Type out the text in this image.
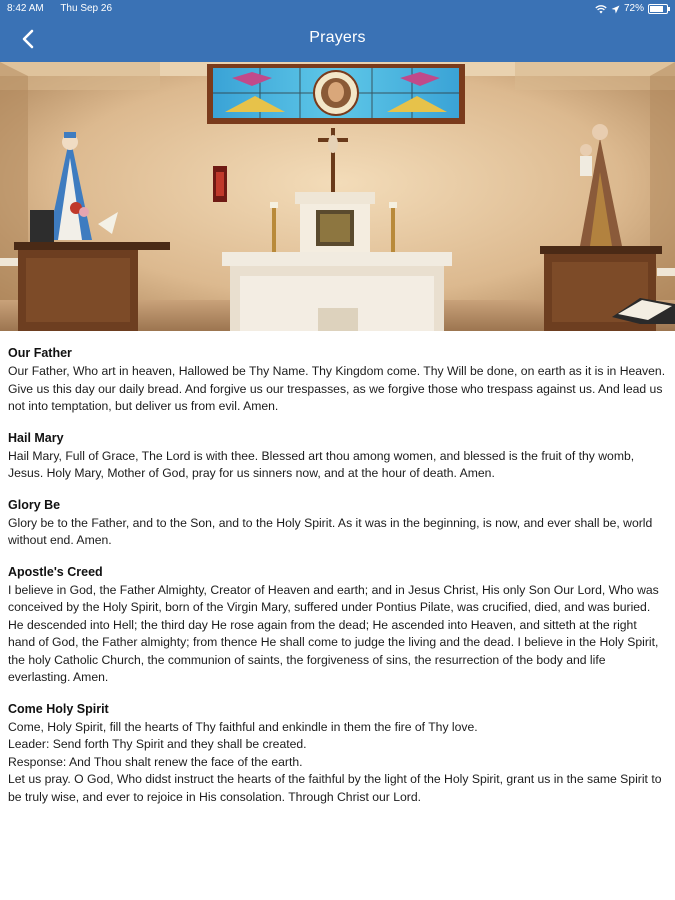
8:42 AM Thu Sep 26	72%
Prayers
Our Father

Our Father, Who art in heaven, Hallowed be Thy Name. Thy Kingdom come. Thy Will be done, on earth as it is in Heaven. Give us this day our daily bread. And forgive us our trespasses, as we forgive those who trespass against us. And lead us not into temptation, but deliver us from evil. Amen.

Hail Mary

Hail Mary, Full of Grace, The Lord is with thee. Blessed art thou among women, and blessed is the fruit of thy womb, Jesus. Holy Mary, Mother of God, pray for us sinners now, and at the hour of death. Amen.

Glory Be

Glory be to the Father, and to the Son, and to the Holy Spirit. As it was in the beginning, is now, and ever shall be, world without end. Amen.

Apostle's Creed

I believe in God, the Father Almighty, Creator of Heaven and earth; and in Jesus Christ, His only Son Our Lord, Who was conceived by the Holy Spirit, born of the Virgin Mary, suffered under Pontius Pilate, was crucified, died, and was buried. He descended into Hell; the third day He rose again from the dead; He ascended into Heaven, and sitteth at the right hand of God, the Father almighty; from thence He shall come to judge the living and the dead. I believe in the Holy Spirit, the holy Catholic Church, the communion of saints, the forgiveness of sins, the resurrection of the body and life everlasting. Amen.

Come Holy Spirit

Come, Holy Spirit, fill the hearts of Thy faithful and enkindle in them the fire of Thy love.

Leader: Send forth Thy Spirit and they shall be created.

Response: And Thou shalt renew the face of the earth.

Let us pray. O God, Who didst instruct the hearts of the faithful by the light of the Holy Spirit, grant us in the same Spirit to be truly wise, and ever to rejoice in His consolation. Through Christ our Lord.
